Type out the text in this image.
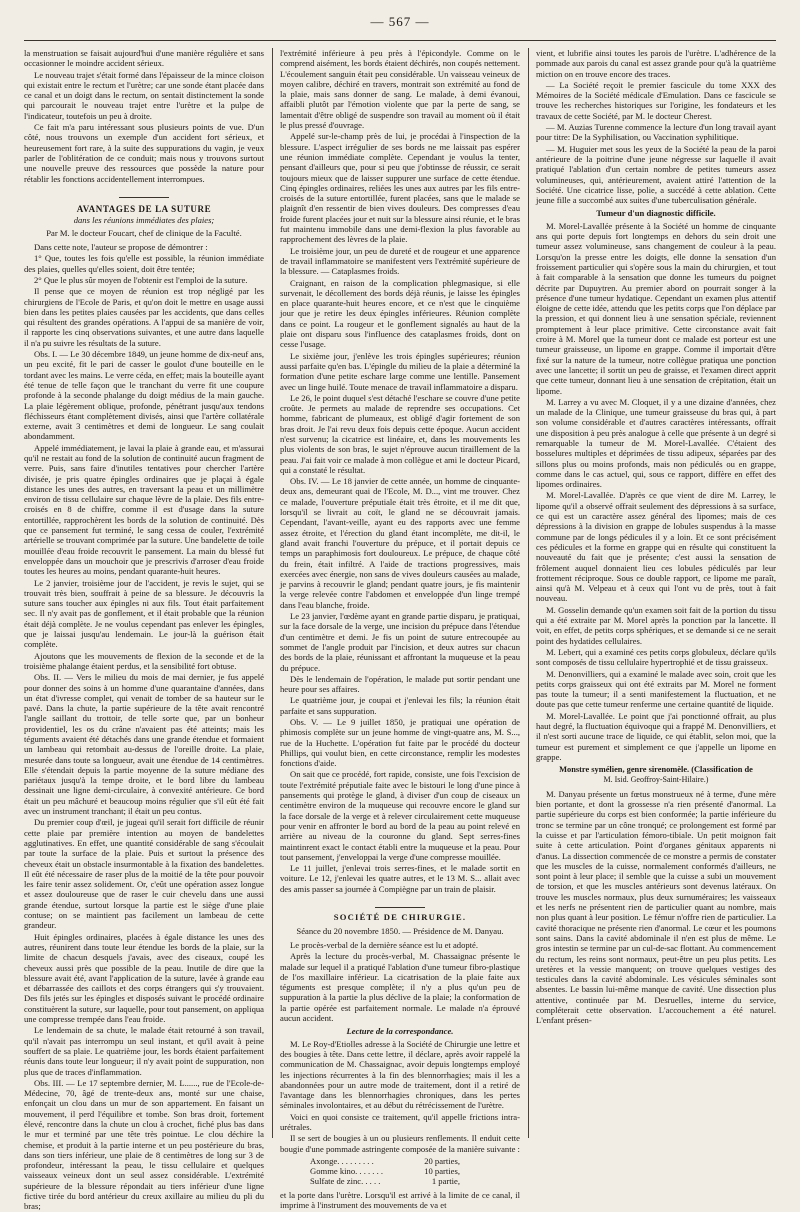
— 567 —

la menstruation se faisait aujourd'hui d'une manière régulière et sans occasionner le moindre accident sérieux.

Le nouveau trajet s'était formé dans l'épaisseur de la mince cloison qui existait entre le rectum et l'urètre; car une sonde étant placée dans ce canal et un doigt dans le rectum, on sentait distinctement la sonde qui parcourait le nouveau trajet entre l'urètre et la pulpe de l'indicateur, toutefois un peu à droite.

Ce fait m'a paru intéressant sous plusieurs points de vue. D'un côté, nous trouvons un exemple d'un accident fort sérieux, et heureusement fort rare, à la suite des suppurations du vagin, je veux parler de l'oblitération de ce conduit; mais nous y trouvons surtout une nouvelle preuve des ressources que possède la nature pour rétablir les fonctions accidentellement interrompues.

AVANTAGES DE LA SUTURE
dans les réunions immédiates des plaies;
Par M. le docteur Foucart, chef de clinique de la Faculté.

Dans cette note, l'auteur se propose de démontrer :

1° Que, toutes les fois qu'elle est possible, la réunion immédiate des plaies, quelles qu'elles soient, doit être tentée;

2° Que le plus sûr moyen de l'obtenir est l'emploi de la suture.

Il pense que ce moyen de réunion est trop négligé par les chirurgiens de l'Ecole de Paris, et qu'on doit le mettre en usage aussi bien dans les petites plaies causées par les accidents, que dans celles qui résultent des grandes opérations. A l'appui de sa manière de voir, il rapporte les cinq observations suivantes, et une autre dans laquelle il n'a pu suivre les résultats de la suture.

Obs. I. — Le 30 décembre 1849, un jeune homme de dix-neuf ans, un peu excité, fit le pari de casser le goulot d'une bouteille en le tordant avec les mains. Le verre céda, en effet; mais la bouteille ayant été tenue de telle façon que le tranchant du verre fit une coupure profonde à la seconde phalange du doigt médius de la main gauche. La plaie légèrement oblique, profonde, pénétrant jusqu'aux tendons fléchisseurs étant complètement divisés, ainsi que l'artère collatérale externe, avait 3 centimètres et demi de longueur. Le sang coulait abondamment.

Appelé immédiatement, je lavai la plaie à grande eau, et m'assurai qu'il ne restait au fond de la solution de continuité aucun fragment de verre. Puis, sans faire d'inutiles tentatives pour chercher l'artère divisée, je pris quatre épingles ordinaires que je plaçai à égale distance les unes des autres, en traversant la peau et un millimètre environ de tissu cellulaire sur chaque lèvre de la plaie. Des fils entre-croisés en 8 de chiffre, comme il est d'usage dans la suture entortillée, rapprochèrent les bords de la solution de continuité. Dès que ce pansement fut terminé, le sang cessa de couler, l'extrémité artérielle se trouvant comprimée par la suture. Une bandelette de toile mouillée d'eau froide recouvrit le pansement. La main du blessé fut enveloppée dans un mouchoir que je prescrivis d'arroser d'eau froide toutes les heures au moins, pendant quarante-huit heures.

Le 2 janvier, troisième jour de l'accident, je revis le sujet, qui se trouvait très bien, souffrait à peine de sa blessure. Je découvris la suture sans toucher aux épingles ni aux fils. Tout était parfaitement sec. Il n'y avait pas de gonflement, et il était probable que la réunion était déjà complète. Je ne voulus cependant pas enlever les épingles, que je laissai jusqu'au lendemain. Le jour-là la guérison était complète.

Ajoutons que les mouvements de flexion de la seconde et de la troisième phalange étaient perdus, et la sensibilité fort obtuse.

Obs. II. — Vers le milieu du mois de mai dernier, je fus appelé pour donner des soins à un homme d'une quarantaine d'années, dans un état d'ivresse complet, qui venait de tomber de sa hauteur sur le pavé. Dans la chute, la partie supérieure de la tête avait rencontré l'angle saillant du trottoir, de telle sorte que, par un bonheur providentiel, les os du crâne n'avaient pas été atteints; mais les téguments avaient été détachés dans une grande étendue et formaient un lambeau qui retombait au-dessus de l'oreille droite. La plaie, mesurée dans toute sa longueur, avait une étendue de 14 centimètres. Elle s'étendait depuis la partie moyenne de la suture médiane des pariétaux jusqu'à la tempe droite, et le bord libre du lambeau dessinait une ligne demi-circulaire, à convexité antérieure. Ce bord était un peu mâchuré et beaucoup moins régulier que s'il eût été fait avec un instrument tranchant; il était un peu contus.

Du premier coup d'œil, je jugeai qu'il serait fort difficile de réunir cette plaie par première intention au moyen de bandelettes agglutinatives. En effet, une quantité considérable de sang s'écoulait par toute la surface de la plaie. Puis et surtout la présence des cheveux était un obstacle insurmontable à la fixation des bandelettes. Il eût été nécessaire de raser plus de la moitié de la tête pour pouvoir les faire tenir assez solidement. Or, c'eût une opération assez longue et assez douloureuse que de raser le cuir chevelu dans une aussi grande étendue, surtout lorsque la partie est le siège d'une plaie contuse; on se maintient pas facilement un lambeau de cette grandeur.

Huit épingles ordinaires, placées à égale distance les unes des autres, réunirent dans toute leur étendue les bords de la plaie, sur la limite de chacun desquels j'avais, avec des ciseaux, coupé les cheveux aussi près que possible de la peau. Inutile de dire que la blessure avait été, avant l'application de la suture, lavée à grande eau et débarrassée des caillots et des corps étrangers qui s'y trouvaient. Des fils jetés sur les épingles et disposés suivant le procédé ordinaire constituèrent la suture, sur laquelle, pour tout pansement, on appliqua une compresse trempée dans l'eau froide.

Le lendemain de sa chute, le malade était retourné à son travail, qu'il n'avait pas interrompu un seul instant, et qu'il avait à peine souffert de sa plaie. Le quatrième jour, les bords étaient parfaitement réunis dans toute leur longueur; il n'y avait point de suppuration, non plus que de traces d'inflammation.

Obs. III. — Le 17 septembre dernier, M. L......, rue de l'Ecole-de-Médecine, 70, âgé de trente-deux ans, monté sur une chaise, enfonçait un clou dans un mur de son appartement. En faisant un mouvement, il perd l'équilibre et tombe. Son bras droit, fortement élevé, rencontre dans la chute un clou à crochet, fiché plus bas dans le mur et terminé par une tête très pointue. Le clou déchire la chemise, et produit à la partie interne et un peu postérieure du bras, dans son tiers inférieur, une plaie de 8 centimètres de long sur 3 de profondeur, intéressant la peau, le tissu cellulaire et quelques vaisseaux veineux dont un seul assez considérable. L'extrémité supérieure de la blessure répondait au tiers inférieur d'une ligne fictive tirée du bord antérieur du creux axillaire au milieu du pli du bras;

l'extrémité inférieure à peu près à l'épicondyle. Comme on le comprend aisément, les bords étaient déchirés, non coupés nettement. L'écoulement sanguin était peu considérable. Un vaisseau veineux de moyen calibre, déchiré en travers, montrait son extrémité au fond de la plaie, mais sans donner de sang. Le malade, à demi évanoui, affaibli plutôt par l'émotion violente que par la perte de sang, se lamentait d'être obligé de suspendre son travail au moment où il était le plus pressé d'ouvrage.

Appelé sur-le-champ près de lui, je procédai à l'inspection de la blessure. L'aspect irrégulier de ses bords ne me laissait pas espérer une réunion immédiate complète. Cependant je voulus la tenter, pensant d'ailleurs que, pour si peu que j'obtinsse de réussir, ce serait toujours mieux que de laisser suppurer une surface de cette étendue. Cinq épingles ordinaires, reliées les unes aux autres par les fils entre-croisés de la suture entortillée, furent placées, sans que le malade se plaignît d'en ressentir de bien vives douleurs. Des compresses d'eau froide furent placées jour et nuit sur la blessure ainsi réunie, et le bras fut maintenu immobile dans une demi-flexion la plus favorable au rapprochement des lèvres de la plaie.

Le troisième jour, un peu de dureté et de rougeur et une apparence de travail inflammatoire se manifestent vers l'extrémité supérieure de la blessure. — Cataplasmes froids.

Craignant, en raison de la complication phlegmasique, si elle survenait, le décollement des bords déjà réunis, je laisse les épingles en place quarante-huit heures encore, et ce n'est que le cinquième jour que je retire les deux épingles inférieures. Réunion complète dans ce point. La rougeur et le gonflement signalés au haut de la plaie ont disparu sous l'influence des cataplasmes froids, dont on cesse l'usage.

Le sixième jour, j'enlève les trois épingles supérieures; réunion aussi parfaite qu'en bas. L'épingle du milieu de la plaie a déterminé la formation d'une petite eschare large comme une lentille. Pansement avec un linge huilé. Toute menace de travail inflammatoire a disparu.

Le 26, le point duquel s'est détaché l'eschare se couvre d'une petite croûte. Je permets au malade de reprendre ses occupations. Cet homme, fabricant de plumeaux, est obligé d'agir fortement de son bras droit. Je l'ai revu deux fois depuis cette époque. Aucun accident n'est survenu; la cicatrice est linéaire, et, dans les mouvements les plus violents de son bras, le sujet n'éprouve aucun tiraillement de la peau. J'ai fait voir ce malade à mon collègue et ami le docteur Picard, qui a constaté le résultat.

Obs. IV. — Le 18 janvier de cette année, un homme de cinquante-deux ans, demeurant quai de l'Ecole, M. D..., vint me trouver. Chez ce malade, l'ouverture préputiale était très étroite, et il me dit que, lorsqu'il se livrait au coït, le gland ne se découvrait jamais. Cependant, l'avant-veille, ayant eu des rapports avec une femme assez étroite, et l'érection du gland étant incomplète, me dit-il, le gland avait franchi l'ouverture du prépuce, et il portait depuis ce temps un paraphimosis fort douloureux. Le prépuce, de chaque côté du frein, était infiltré. A l'aide de tractions progressives, mais exercées avec énergie, non sans de vives douleurs causées au malade, je parvins à recouvrir le gland; pendant quatre jours, je fis maintenir la verge relevée contre l'abdomen et enveloppée d'un linge trempé dans l'eau blanche, froide.

Le 23 janvier, l'œdème ayant en grande partie disparu, je pratiquai, sur la face dorsale de la verge, une incision du prépuce dans l'étendue d'un centimètre et demi. Je fis un point de suture entrecoupée au sommet de l'angle produit par l'incision, et deux autres sur chacun des bords de la plaie, réunissant et affrontant la muqueuse et la peau du prépuce.

Dès le lendemain de l'opération, le malade put sortir pendant une heure pour ses affaires.

Le quatrième jour, je coupai et j'enlevai les fils; la réunion était parfaite et sans suppuration.

Obs. V. — Le 9 juillet 1850, je pratiquai une opération de phimosis complète sur un jeune homme de vingt-quatre ans, M. S..., rue de la Huchette. L'opération fut faite par le procédé du docteur Phillips, qui voulut bien, en cette circonstance, remplir les modestes fonctions d'aide.

On sait que ce procédé, fort rapide, consiste, une fois l'excision de toute l'extrémité préputiale faite avec le bistouri le long d'une pince à pansements qui protège le gland, à diviser d'un coup de ciseaux un centimètre environ de la muqueuse qui recouvre encore le gland sur la face dorsale de la verge et à relever circulairement cette muqueuse pour venir en affronter le bord au bord de la peau au point relevé en arrière au niveau de la couronne du gland. Sept serres-fines maintinrent exact le contact établi entre la muqueuse et la peau. Pour tout pansement, j'enveloppai la verge d'une compresse mouillée.

Le 11 juillet, j'enlevai trois serres-fines, et le malade sortit en voiture. Le 12, j'enlevai les quatre autres, et le 13 M. S... allait avec des amis passer sa journée à Compiègne par un train de plaisir.

SOCIÉTÉ DE CHIRURGIE.
Séance du 20 novembre 1850. — Présidence de M. Danyau.

Le procès-verbal de la dernière séance est lu et adopté.

Après la lecture du procès-verbal, M. Chassaignac présente le malade sur lequel il a pratiqué l'ablation d'une tumeur fibro-plastique de l'os maxillaire inférieur. La cicatrisation de la plaie faite aux téguments est presque complète; il n'y a plus qu'un peu de suppuration à la partie la plus déclive de la plaie; la conformation de la partie opérée est parfaitement normale. Le malade n'a éprouvé aucun accident.

Lecture de la correspondance.

M. Le Roy-d'Etiolles adresse à la Société de Chirurgie une lettre et des bougies à tête. Dans cette lettre, il déclare, après avoir rappelé la communication de M. Chassaignac, avoir depuis longtemps employé les injections récurrentes à la fin des blennorrhagies; mais il les a abandonnées pour un autre mode de traitement, dont il a retiré de l'avantage dans les blennorrhagies chroniques, dans les pertes séminales involontaires, et au début du rétrécissement de l'urètre.

Voici en quoi consiste ce traitement, qu'il appelle frictions intra-urétrales.

Il se sert de bougies à un ou plusieurs renflements. Il enduit cette bougie d'une pommade astringente composée de la manière suivante :

Axonge. . . . . . . . .	20 parties,
Gomme kino. . . . . . .	10 parties,
Sulfate de zinc. . . . .	1 partie,

et la porte dans l'urètre. Lorsqu'il est arrivé à la limite de ce canal, il imprime à l'instrument des mouvements de va et

vient, et lubrifie ainsi toutes les parois de l'urètre. L'adhérence de la pommade aux parois du canal est assez grande pour qu'à la quatrième miction on en trouve encore des traces.

— La Société reçoit le premier fascicule du tome XXX des Mémoires de la Société médicale d'Emulation. Dans ce fascicule se trouve les recherches historiques sur l'origine, les fondateurs et les travaux de cette Société, par M. le docteur Cherest.

— M. Auzias Turenne commence la lecture d'un long travail ayant pour titre: De la Syphilisation, ou Vaccination syphilitique.

— M. Huguier met sous les yeux de la Société la peau de la paroi antérieure de la poitrine d'une jeune négresse sur laquelle il avait pratiqué l'ablation d'un certain nombre de petites tumeurs assez volumineuses, qui, antérieurement, avaient attiré l'attention de la Société. Une cicatrice lisse, polie, a succédé à cette ablation. Cette jeune fille a succombé aux suites d'une tuberculisation générale.

Tumeur d'un diagnostic difficile.

M. Morel-Lavallée présente à la Société un homme de cinquante ans qui porte depuis fort longtemps en dehors du sein droit une tumeur assez volumineuse, sans changement de couleur à la peau. Lorsqu'on la presse entre les doigts, elle donne la sensation d'un froissement particulier qui s'opère sous la main du chirurgien, et tout à fait comparable à la sensation que donne les tumeurs du poignet décrite par Dupuytren. Au premier abord on pourrait songer à la présence d'une tumeur hydatique. Cependant un examen plus attentif éloigne de cette idée, attendu que les petits corps que l'on déplace par la pression, et qui donnent lieu à une sensation spéciale, reviennent promptement à leur place primitive. Cette circonstance avait fait croire à M. Morel que la tumeur dont ce malade est porteur est une tumeur graisseuse, un lipome en grappe. Comme il importait d'être fixé sur la nature de la tumeur, notre collègue pratiqua une ponction avec une lancette; il sortit un peu de graisse, et l'examen direct apprit que cette tumeur, donnant lieu à une sensation de crépitation, était un lipome.

M. Larrey a vu avec M. Cloquet, il y a une dizaine d'années, chez un malade de la Clinique, une tumeur graisseuse du bras qui, à part son volume considérable et d'autres caractères intéressants, offrait une disposition à peu près analogue à celle que présente à un degré si remarquable la tumeur de M. Morel-Lavallée. C'étaient des bosselures multiples et déprimées de tissu adipeux, séparées par des sillons plus ou moins profonds, mais non pédiculés ou en grappe, comme dans le cas actuel, qui, sous ce rapport, diffère en effet des lipomes ordinaires.

M. Morel-Lavallée. D'après ce que vient de dire M. Larrey, le lipome qu'il a observé offrait seulement des dépressions à sa surface, ce qui est un caractère assez général des lipomes; mais de ces dépressions à la division en grappe de lobules suspendus à la masse commune par de longs pédicules il y a loin. Et ce sont précisément ces pédicules et la forme en grappe qui en résulte qui constituent la nouveauté du fait que je présente; c'est aussi la sensation de frôlement auquel donnaient lieu ces lobules pédiculés par leur frottement réciproque. Sous ce double rapport, ce lipome me paraît, ainsi qu'à M. Velpeau et à ceux qui l'ont vu de près, tout à fait nouveau.

M. Gosselin demande qu'un examen soit fait de la portion du tissu qui a été extraite par M. Morel après la ponction par la lancette. Il voit, en effet, de petits corps sphériques, et se demande si ce ne serait point des hydatides cellulaires.

M. Lebert, qui a examiné ces petits corps globuleux, déclare qu'ils sont composés de tissu cellulaire hypertrophié et de tissu graisseux.

M. Denonvilliers, qui a examiné le malade avec soin, croit que les petits corps graisseux qui ont été extraits par M. Morel ne forment pas toute la tumeur; il a senti manifestement la fluctuation, et ne doute pas que cette tumeur renferme une certaine quantité de liquide.

M. Morel-Lavallée. Le point que j'ai ponctionné offrait, au plus haut degré, la fluctuation équivoque qui a frappé M. Denonvilliers, et il n'est sorti aucune trace de liquide, ce qui établit, selon moi, que la tumeur est purement et simplement ce que j'appelle un lipome en grappe.

Monstre symélien, genre sirenomèle. (Classification de
M. Isid. Geoffroy-Saint-Hilaire.)

M. Danyau présente un fœtus monstrueux né à terme, d'une mère bien portante, et dont la grossesse n'a rien présenté d'anormal. La partie supérieure du corps est bien conformée; la partie inférieure du tronc se termine par un cône tronqué; ce prolongement est formé par la cuisse et par l'articulation fémoro-tibiale. Un petit moignon fait suite à cette articulation. Point d'organes génitaux apparents ni d'anus. La dissection commencée de ce monstre a permis de constater que les muscles de la cuisse, normalement conformés d'ailleurs, ne sont point à leur place; il semble que la cuisse a subi un mouvement de torsion, et que les muscles antérieurs sont devenus latéraux. On trouve les muscles normaux, plus deux surnuméraires; les vaisseaux et les nerfs ne présentent rien de particulier quant au nombre, mais non plus quant à leur position. Le fémur n'offre rien de particulier. La cavité thoracique ne présente rien d'anormal. Le cœur et les poumons sont sains. Dans la cavité abdominale il n'en est plus de même. Le gros intestin se termine par un cul-de-sac flottant. Au commencement du rectum, les reins sont normaux, peut-être un peu plus petits. Les uretères et la vessie manquent; on trouve quelques vestiges des testicules dans la cavité abdominale. Les vésicules séminales sont absentes. Le bassin lui-même manque de cavité. Une dissection plus attentive, continuée par M. Desruelles, interne du service, compléterait cette observation. L'accouchement a été naturel. L'enfant présen-
